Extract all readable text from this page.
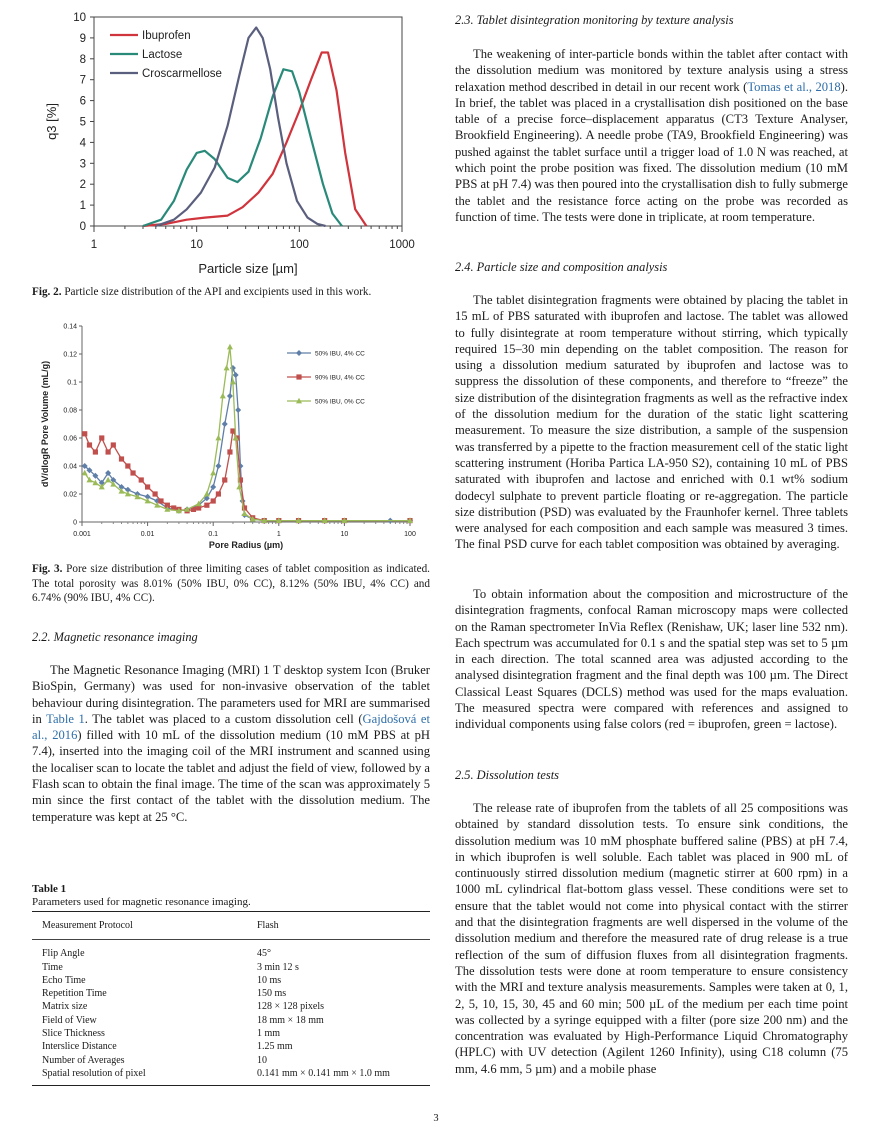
0
1
2
3
4
5
6
7
8
9
10
1	10	100	1000
Particle size [µm]
q3 [%]
Ibuprofen
Lactose
Croscarmellose

Fig. 2. Particle size distribution of the API and excipients used in this work.

0
0.02
0.04
0.06
0.08
0.1
0.12
0.14
0.001	0.01	0.1	1	10	100
Pore Radius (µm)
dV/dlogR Pore Volume (mL/g)
50% IBU, 4% CC
90% IBU, 4% CC
50% IBU, 0% CC

Fig. 3. Pore size distribution of three limiting cases of tablet composition as indicated. The total porosity was 8.01% (50% IBU, 0% CC), 8.12% (50% IBU, 4% CC) and 6.74% (90% IBU, 4% CC).

2.2. Magnetic resonance imaging

The Magnetic Resonance Imaging (MRI) 1 T desktop system Icon (Bruker BioSpin, Germany) was used for non-invasive observation of the tablet behaviour during disintegration. The parameters used for MRI are summarised in Table 1. The tablet was placed to a custom dissolution cell (Gajdošová et al., 2016) filled with 10 mL of the dissolution medium (10 mM PBS at pH 7.4), inserted into the imaging coil of the MRI instrument and scanned using the localiser scan to locate the tablet and adjust the field of view, followed by a Flash scan to obtain the final image. The time of the scan was approximately 5 min since the first contact of the tablet with the dissolution medium. The temperature was kept at 25 °C.

Table 1
Parameters used for magnetic resonance imaging.
Measurement Protocol	Flash

Flip Angle	45°
Time	3 min 12 s
Echo Time	10 ms
Repetition Time	150 ms
Matrix size	128 × 128 pixels
Field of View	18 mm × 18 mm
Slice Thickness	1 mm
Interslice Distance	1.25 mm
Number of Averages	10
Spatial resolution of pixel	0.141 mm × 0.141 mm × 1.0 mm

2.3. Tablet disintegration monitoring by texture analysis

The weakening of inter-particle bonds within the tablet after contact with the dissolution medium was monitored by texture analysis using a stress relaxation method described in detail in our recent work (Tomas et al., 2018). In brief, the tablet was placed in a crystallisation dish positioned on the base table of a precise force–displacement apparatus (CT3 Texture Analyser, Brookfield Engineering). A needle probe (TA9, Brookfield Engineering) was pushed against the tablet surface until a trigger load of 1.0 N was reached, at which point the probe position was fixed. The dissolution medium (10 mM PBS at pH 7.4) was then poured into the crystallisation dish to fully submerge the tablet and the resistance force acting on the probe was recorded as function of time. The tests were done in triplicate, at room temperature.

2.4. Particle size and composition analysis

The tablet disintegration fragments were obtained by placing the tablet in 15 mL of PBS saturated with ibuprofen and lactose. The tablet was allowed to fully disintegrate at room temperature without stirring, which typically required 15–30 min depending on the tablet composition. The reason for using a dissolution medium saturated by ibuprofen and lactose was to suppress the dissolution of these components, and therefore to “freeze” the size distribution of the disintegration fragments as well as the refractive index of the dissolution medium for the duration of the static light scattering measurement. To measure the size distribution, a sample of the suspension was transferred by a pipette to the fraction measurement cell of the static light scattering instrument (Horiba Partica LA-950 S2), containing 10 mL of PBS saturated with ibuprofen and lactose and enriched with 0.1 wt% sodium dodecyl sulphate to prevent particle floating or re-aggregation. The particle size distribution (PSD) was evaluated by the Fraunhofer kernel. Three tablets were analysed for each composition and each sample was measured 3 times. The final PSD curve for each tablet composition was obtained by averaging.

To obtain information about the composition and microstructure of the disintegration fragments, confocal Raman microscopy maps were collected on the Raman spectrometer InVia Reflex (Renishaw, UK; laser line 532 nm). Each spectrum was accumulated for 0.1 s and the spatial step was set to 5 µm in each direction. The total scanned area was adjusted according to the analysed disintegration fragment and the final depth was 100 µm. The Direct Classical Least Squares (DCLS) method was used for the maps evaluation. The measured spectra were compared with references and assigned to individual components using false colors (red = ibuprofen, green = lactose).

2.5. Dissolution tests

The release rate of ibuprofen from the tablets of all 25 compositions was obtained by standard dissolution tests. To ensure sink conditions, the dissolution medium was 10 mM phosphate buffered saline (PBS) at pH 7.4, in which ibuprofen is well soluble. Each tablet was placed in 900 mL of continuously stirred dissolution medium (magnetic stirrer at 600 rpm) in a 1000 mL cylindrical flat-bottom glass vessel. These conditions were set to ensure that the tablet would not come into physical contact with the stirrer and that the disintegration fragments are well dispersed in the volume of the dissolution medium and therefore the measured rate of drug release is a true reflection of the sum of diffusion fluxes from all disintegration fragments. The dissolution tests were done at room temperature to ensure consistency with the MRI and texture analysis measurements. Samples were taken at 0, 1, 2, 5, 10, 15, 30, 45 and 60 min; 500 µL of the medium per each time point was collected by a syringe equipped with a filter (pore size 200 nm) and the concentration was evaluated by High-Performance Liquid Chromatography (HPLC) with UV detection (Agilent 1260 Infinity), using C18 column (75 mm, 4.6 mm, 5 µm) and a mobile phase

3
